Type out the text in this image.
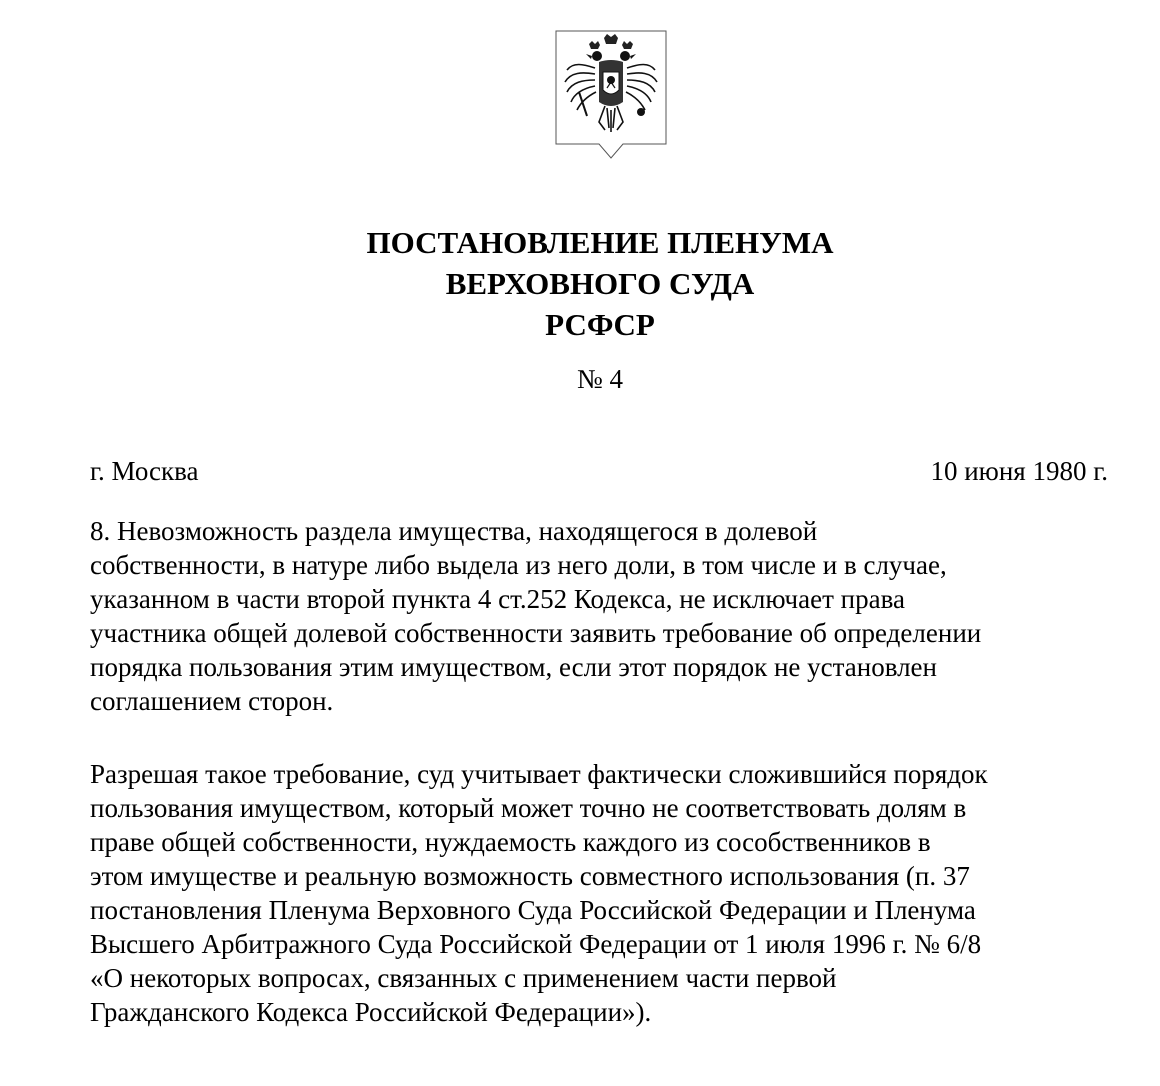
ПОСТАНОВЛЕНИЕ ПЛЕНУМА
ВЕРХОВНОГО СУДА
РСФСР
№ 4
г. Москва	10 июня 1980 г.
8. Невозможность раздела имущества, находящегося в долевой
собственности, в натуре либо выдела из него доли, в том числе и в случае,
указанном в части второй пункта 4 ст.252 Кодекса, не исключает права
участника общей долевой собственности заявить требование об определении
порядка пользования этим имуществом, если этот порядок не установлен
соглашением сторон.
Разрешая такое требование, суд учитывает фактически сложившийся порядок
пользования имуществом, который может точно не соответствовать долям в
праве общей собственности, нуждаемость каждого из сособственников в
этом имуществе и реальную возможность совместного использования (п. 37
постановления Пленума Верховного Суда Российской Федерации и Пленума
Высшего Арбитражного Суда Российской Федерации от 1 июля 1996 г. № 6/8
«О некоторых вопросах, связанных с применением части первой
Гражданского Кодекса Российской Федерации»).
